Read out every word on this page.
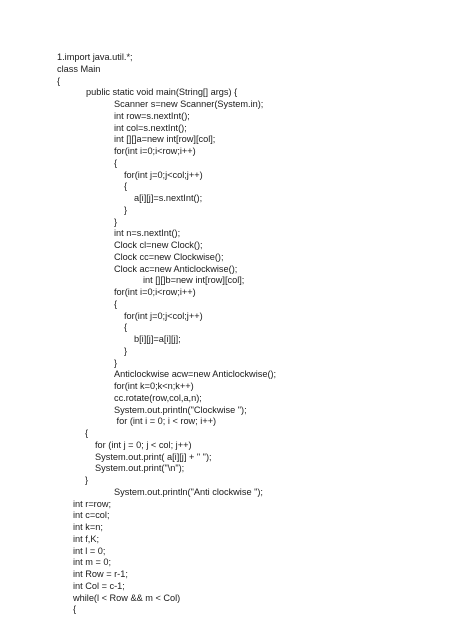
1.import java.util.*;
class Main
{
public static void main(String[] args) {
Scanner s=new Scanner(System.in);
int row=s.nextInt();
int col=s.nextInt();
int [][]a=new int[row][col];
for(int i=0;i<row;i++)
{
for(int j=0;j<col;j++)
{
a[i][j]=s.nextInt();
}
}
int n=s.nextInt();
Clock cl=new Clock();
Clock cc=new Clockwise();
Clock ac=new Anticlockwise();
int [][]b=new int[row][col];
for(int i=0;i<row;i++)
{
for(int j=0;j<col;j++)
{
b[i][j]=a[i][j];
}
}
Anticlockwise acw=new Anticlockwise();
for(int k=0;k<n;k++)
cc.rotate(row,col,a,n);
System.out.println("Clockwise ");
for (int i = 0; i < row; i++)
{
for (int j = 0; j < col; j++)
System.out.print( a[i][j] + " ");
System.out.print("\n");
}
System.out.println("Anti clockwise ");
int r=row;
int c=col;
int k=n;
int f,K;
int l = 0;
int m = 0;
int Row = r-1;
int Col = c-1;
while(l < Row && m < Col)
{
